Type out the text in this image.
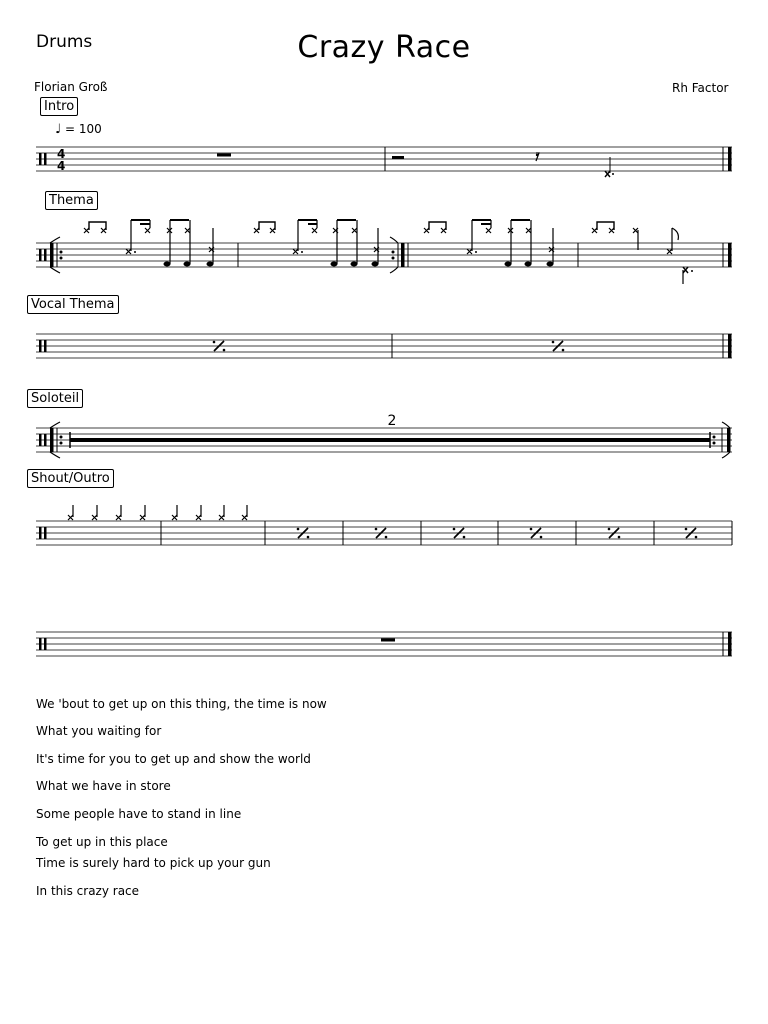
Drums	Crazy Race
Florian Groß	Rh Factor
Intro
Thema
Vocal Thema
Soloteil
Shout/Outro
♩ = 100
4
4
2
We 'bout to get up on this thing, the time is now
What you waiting for
It's time for you to get up and show the world
What we have in store
Some people have to stand in line
To get up in this place
Time is surely hard to pick up your gun
In this crazy race
